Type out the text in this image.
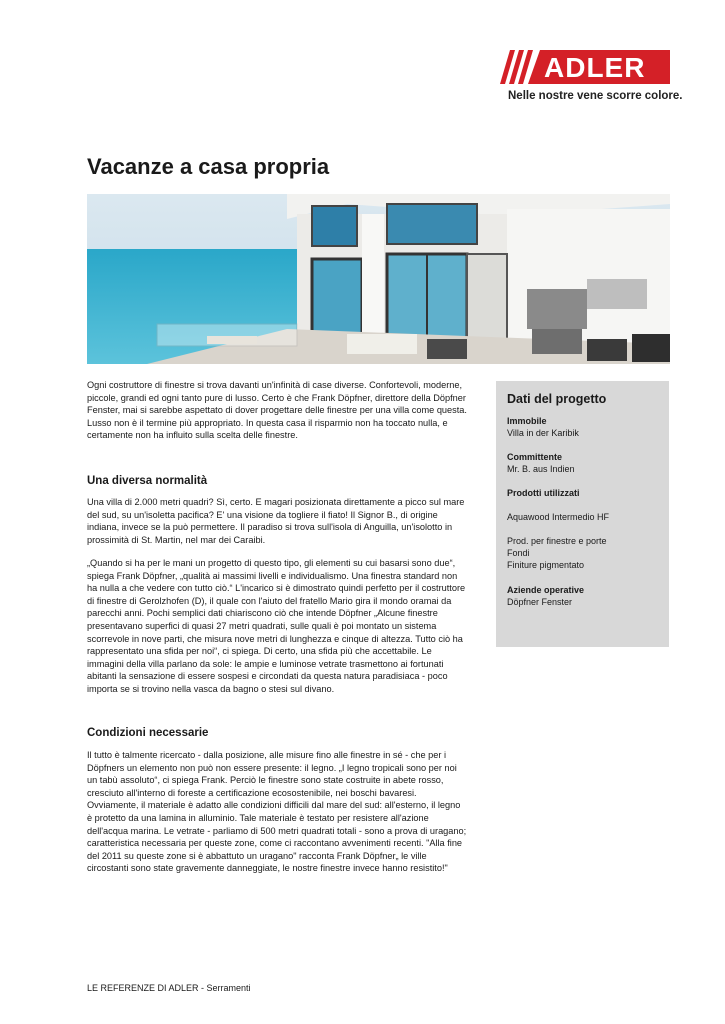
ADLER
Nelle nostre vene scorre colore.
Vacanze a casa propria
Dati del progetto
Immobile
Villa in der Karibik
Committente
Mr. B. aus Indien
Prodotti utilizzati
Aquawood Intermedio HF
Prod. per finestre e porte
Fondi
Finiture pigmentato
Aziende operative
Döpfner Fenster

Ogni costruttore di finestre si trova davanti un'infinità di case diverse. Confortevoli, moderne, piccole, grandi ed ogni tanto pure di lusso. Certo è che Frank Döpfner, direttore della Döpfner Fenster, mai si sarebbe aspettato di dover progettare delle finestre per una villa come questa. Lusso non è il termine più appropriato. In questa casa il risparmio non ha toccato nulla, e certamente non ha influito sulla scelta delle finestre.

Una diversa normalità

Una villa di 2.000 metri quadri? Sì, certo. E magari posizionata direttamente a picco sul mare del sud, su un'isoletta pacifica? E' una visione da togliere il fiato! Il Signor B., di origine indiana, invece se la può permettere. Il paradiso si trova sull'isola di Anguilla, un'isolotto in prossimità di St. Martin, nel mar dei Caraibi.

„Quando si ha per le mani un progetto di questo tipo, gli elementi su cui basarsi sono due“, spiega Frank Döpfner, „qualità ai massimi livelli e individualismo. Una finestra standard non ha nulla a che vedere con tutto ciò.“ L'incarico si è dimostrato quindi perfetto per il costruttore di finestre di Gerolzhofen (D), il quale con l'aiuto del fratello Mario gira il mondo oramai da parecchi anni. Pochi semplici dati chiariscono ciò che intende Döpfner „Alcune finestre presentavano superfici di quasi 27 metri quadrati, sulle quali è poi montato un sistema scorrevole in nove parti, che misura nove metri di lunghezza e cinque di altezza. Tutto ciò ha rappresentato una sfida per noi“, ci spiega. Di certo, una sfida più che accettabile. Le immagini della villa parlano da sole: le ampie e luminose vetrate trasmettono ai fortunati abitanti la sensazione di essere sospesi e circondati da questa natura paradisiaca - poco importa se si trovino nella vasca da bagno o stesi sul divano.

Condizioni necessarie

Il tutto è talmente ricercato - dalla posizione, alle misure fino alle finestre in sé - che per i Döpfners un elemento non può non essere presente: il legno. „I legno tropicali sono per noi un tabù assoluto“, ci spiega Frank. Perciò le finestre sono state costruite in abete rosso, cresciuto all'interno di foreste a certificazione ecosostenibile, nei boschi bavaresi. Ovviamente, il materiale è adatto alle condizioni difficili dal mare del sud: all'esterno, il legno è protetto da una lamina in alluminio. Tale materiale è testato per resistere all'azione dell'acqua marina. Le vetrate - parliamo di 500 metri quadrati totali - sono a prova di uragano; caratteristica necessaria per queste zone, come ci raccontano avvenimenti recenti. "Alla fine del 2011 su queste zone si è abbattuto un uragano" racconta Frank Döpfner„ le ville circostanti sono state gravemente danneggiate, le nostre finestre invece hanno resistito!"

LE REFERENZE DI ADLER - Serramenti
